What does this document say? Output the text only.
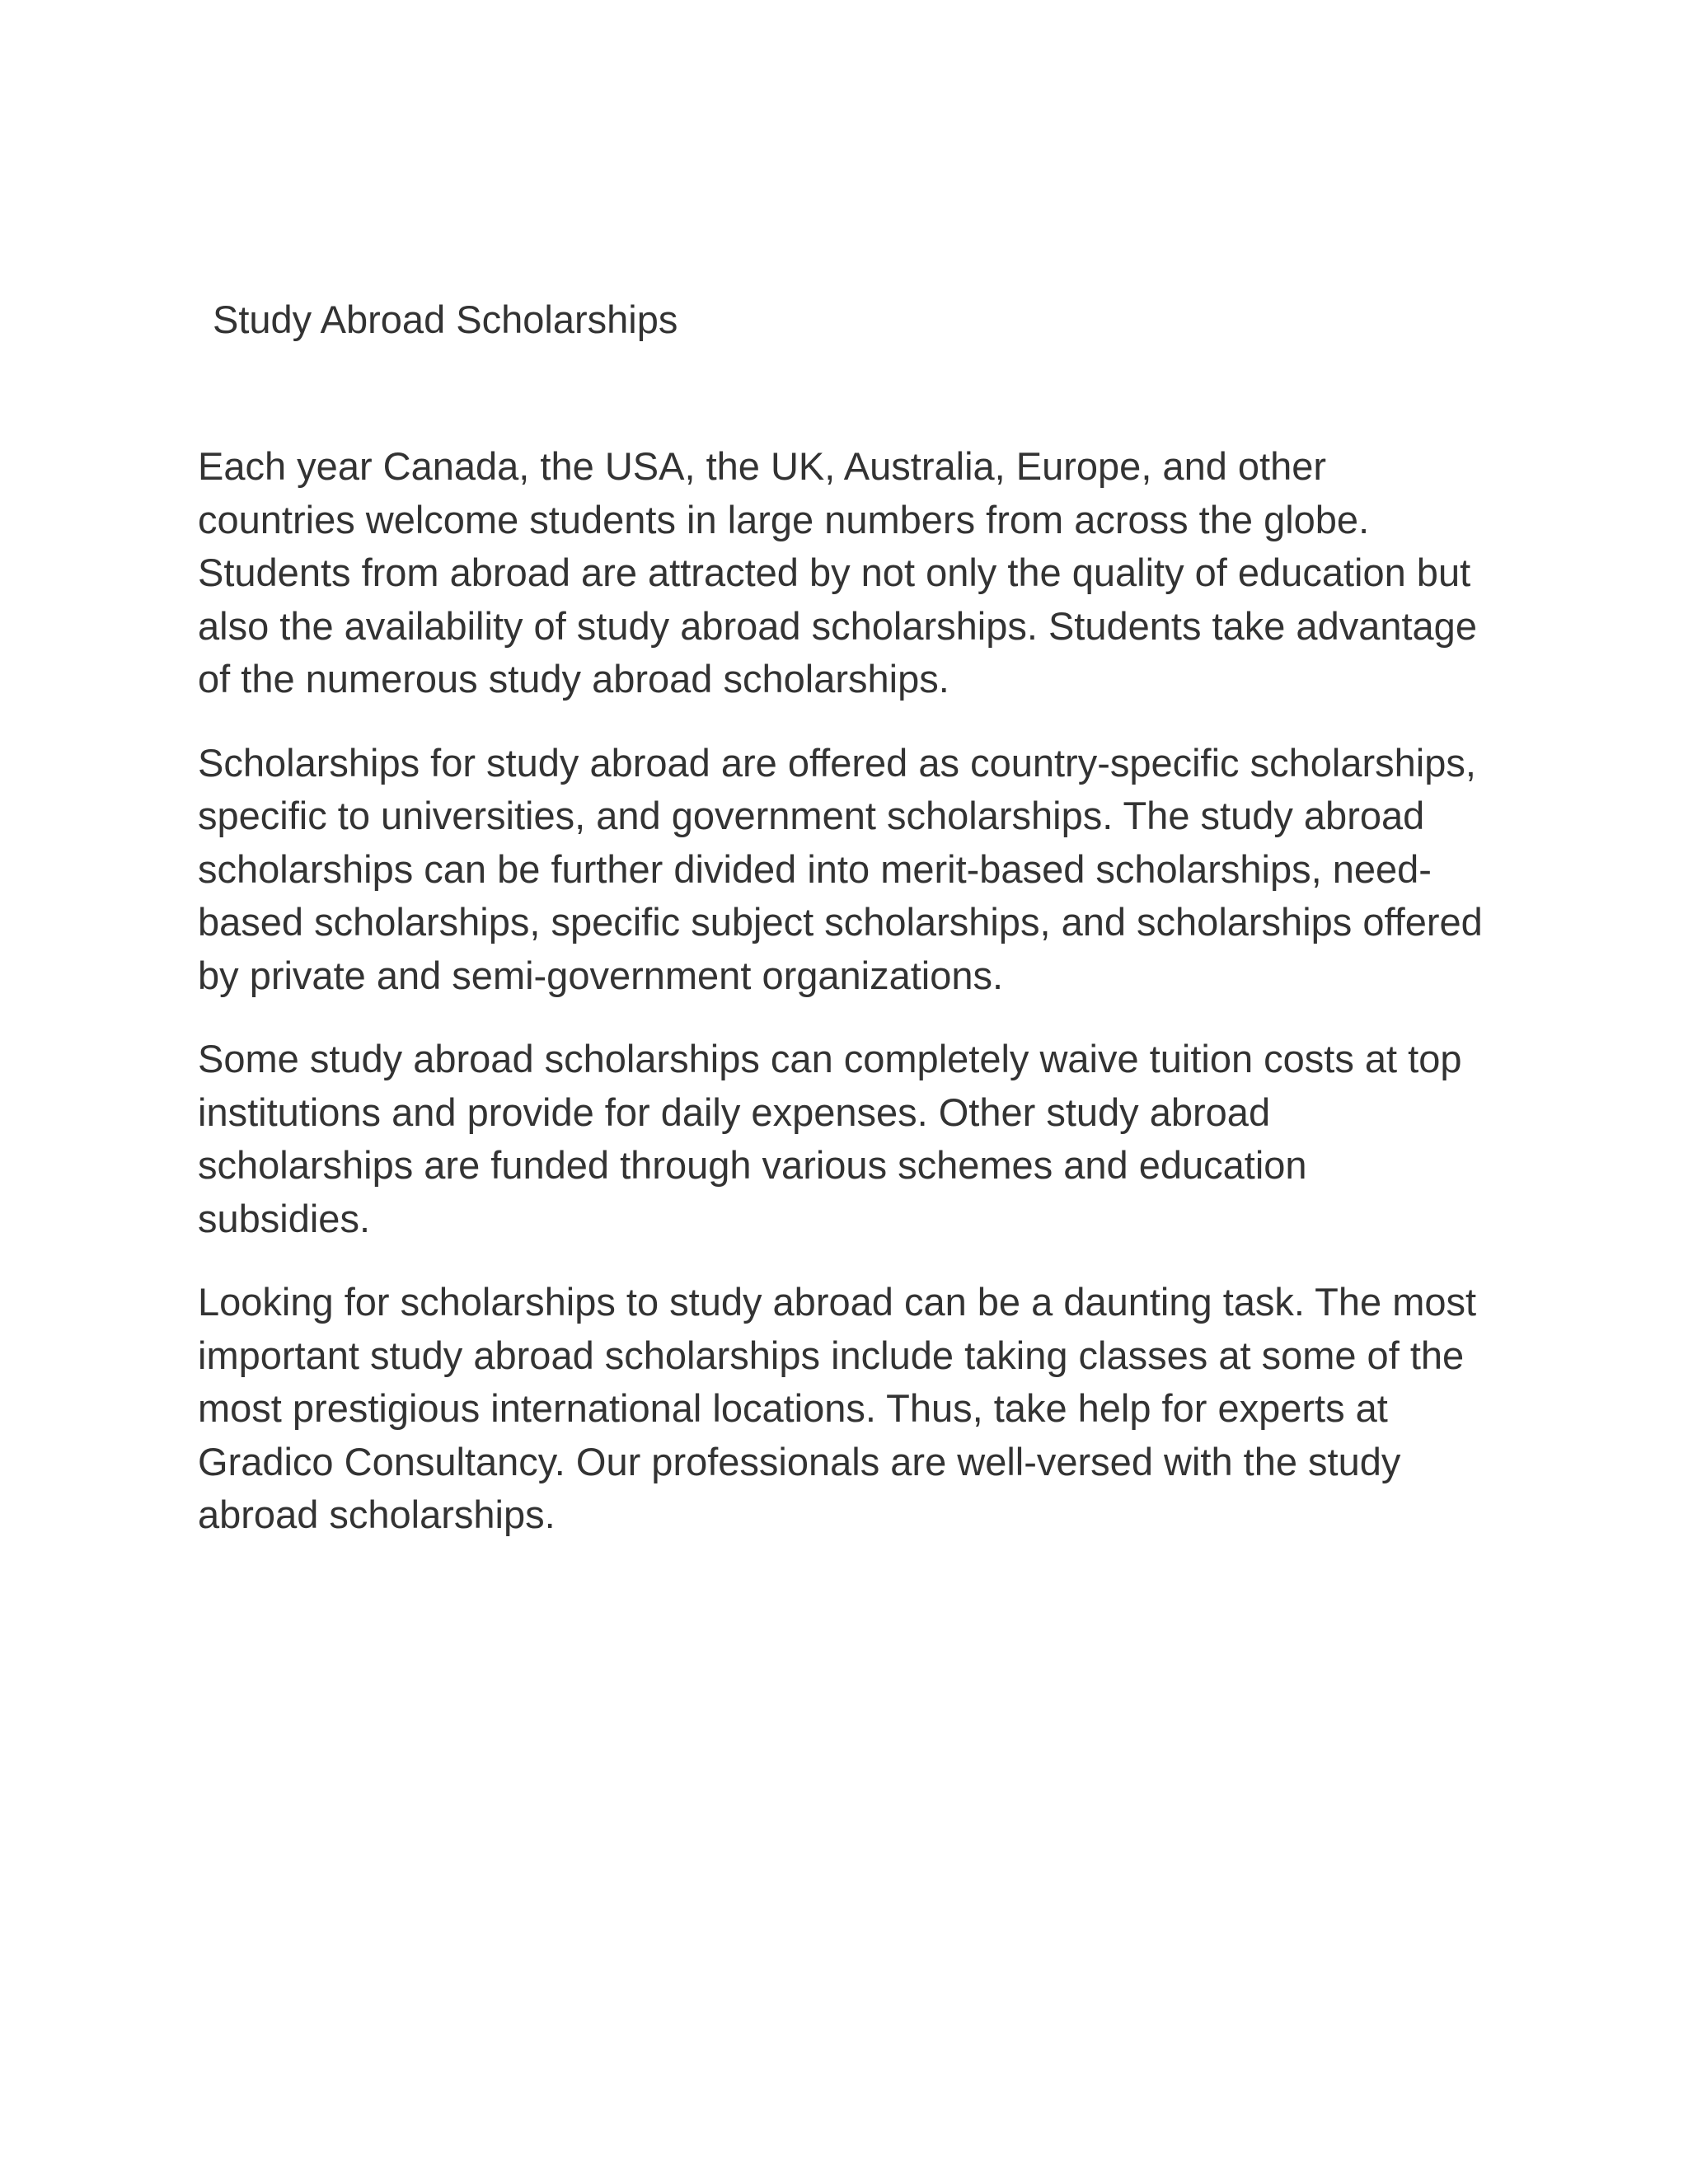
Study Abroad Scholarships

Each year Canada, the USA, the UK, Australia, Europe, and other countries welcome students in large numbers from across the globe. Students from abroad are attracted by not only the quality of education but also the availability of study abroad scholarships. Students take advantage of the numerous study abroad scholarships.

Scholarships for study abroad are offered as country-specific scholarships, specific to universities, and government scholarships. The study abroad scholarships can be further divided into merit-based scholarships, need-based scholarships, specific subject scholarships, and scholarships offered by private and semi-government organizations.

Some study abroad scholarships can completely waive tuition costs at top institutions and provide for daily expenses. Other study abroad scholarships are funded through various schemes and education subsidies.

Looking for scholarships to study abroad can be a daunting task. The most important study abroad scholarships include taking classes at some of the most prestigious international locations. Thus, take help for experts at Gradico Consultancy. Our professionals are well-versed with the study abroad scholarships.
